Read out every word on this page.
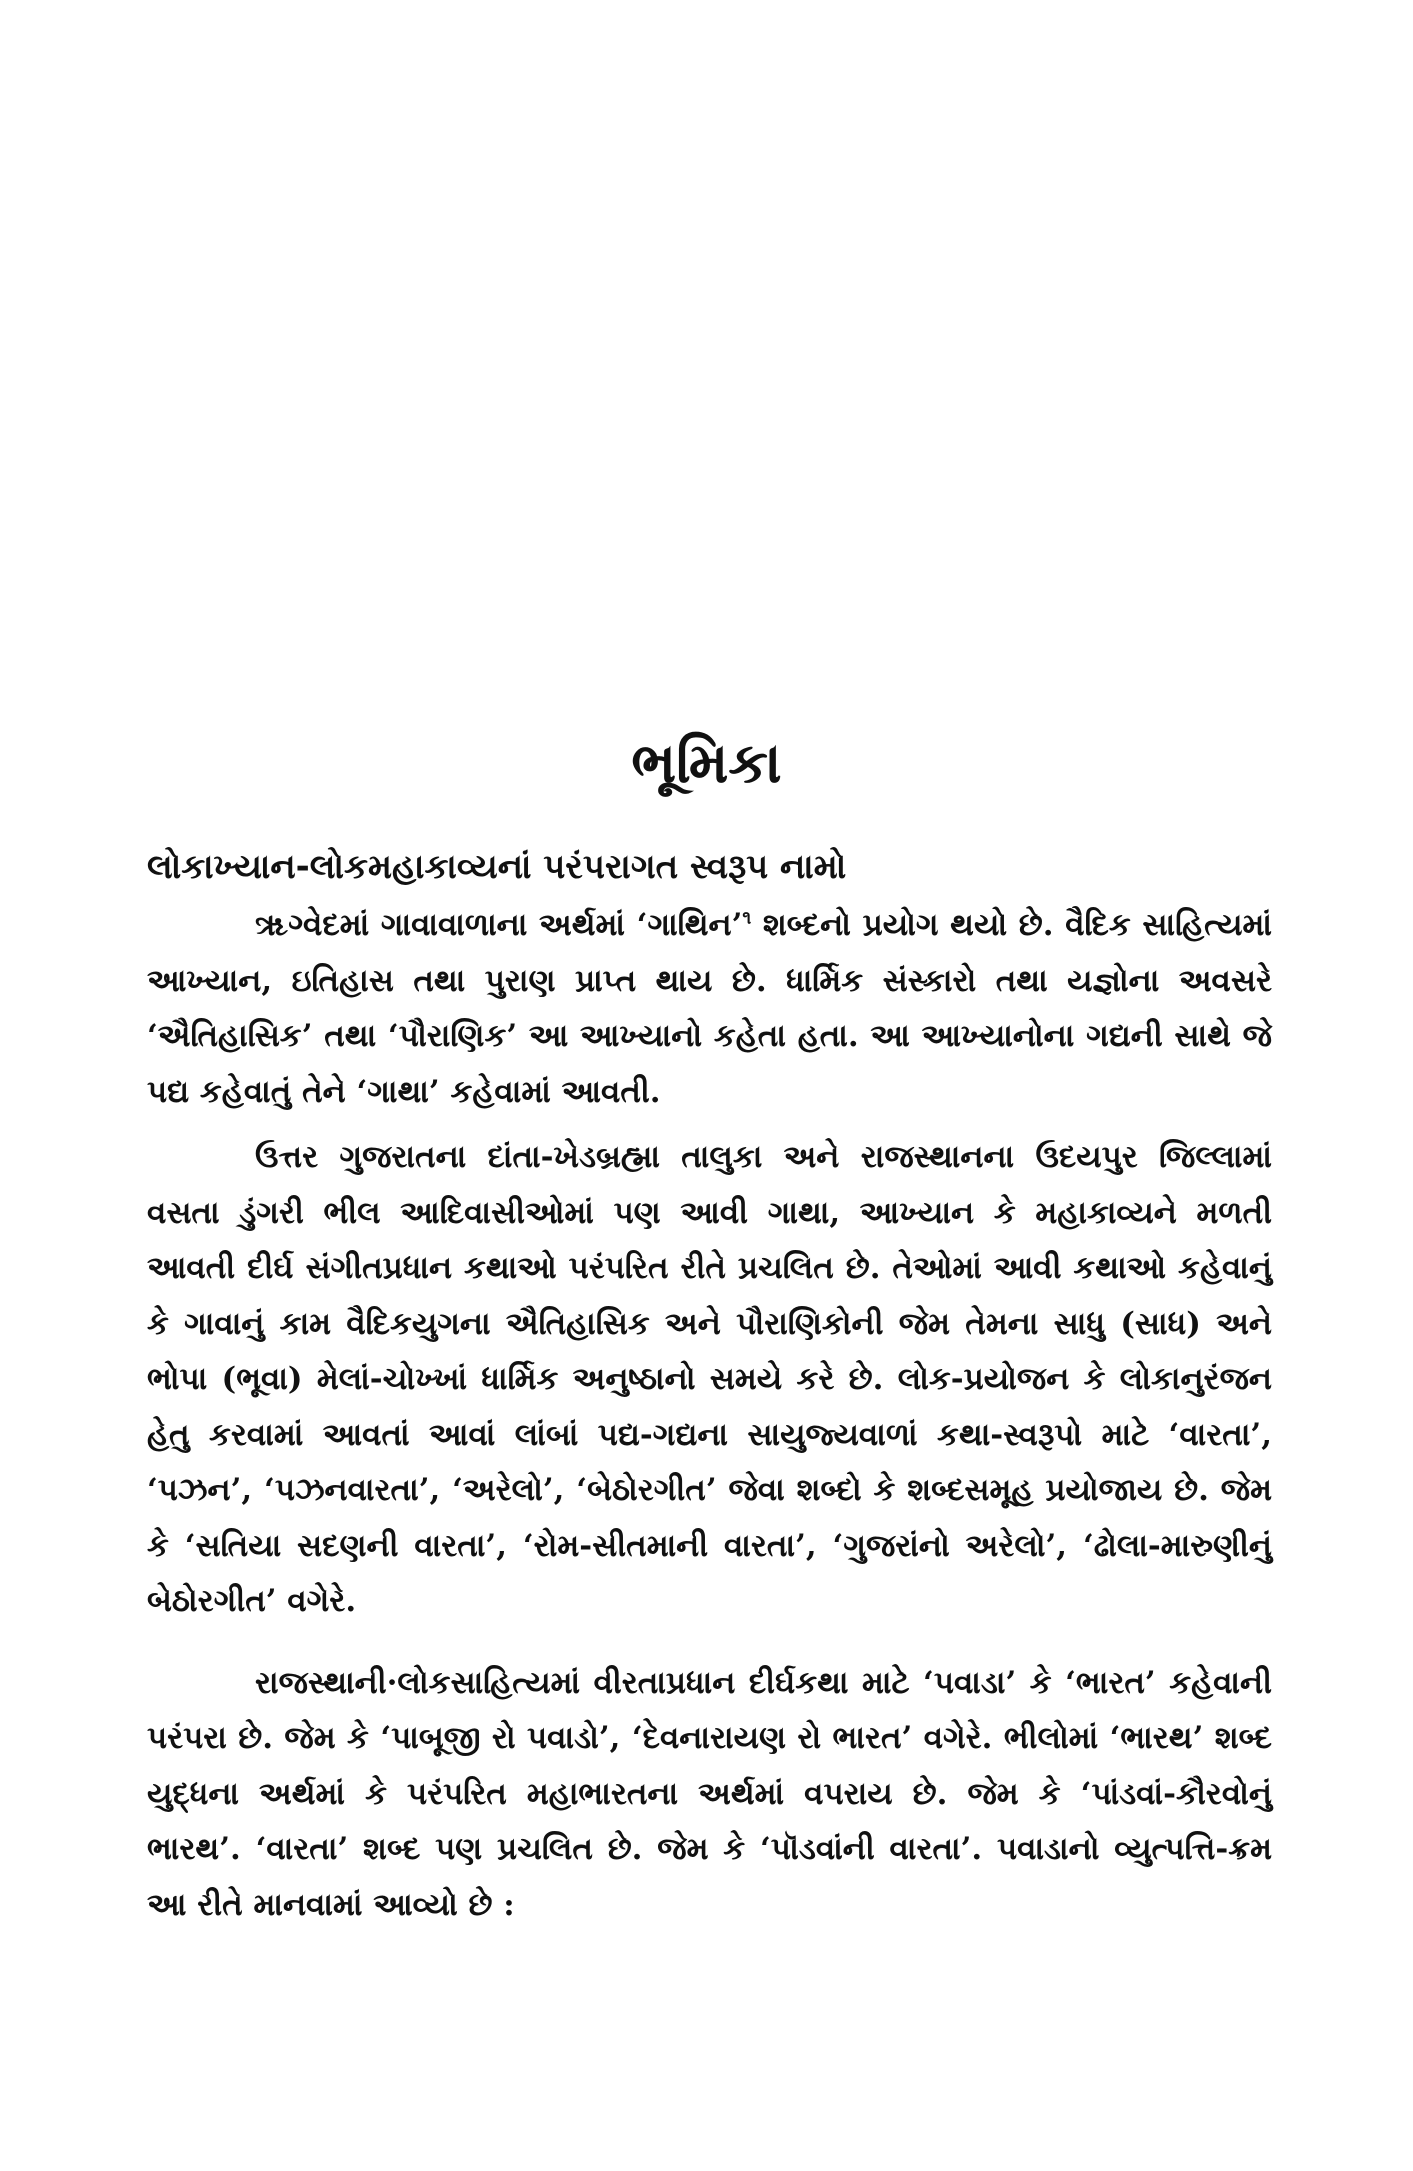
ભૂમિકા
લોકાખ્યાન-લોકમહાકાવ્યનાં પરંપરાગત સ્વરૂપ નામો

ૠગ્વેદમાં ગાવાવાળાના અર્થમાં ‘ગાથિન’$^૧$ શબ્દનો પ્રયોગ થયો છે. વૈદિક સાહિત્યમાં આખ્યાન, ઇતિહાસ તથા પુરાણ પ્રાપ્ત થાય છે. ધાર્મિક સંસ્કારો તથા યજ્ઞોના અવસરે ‘ઐતિહાસિક’ તથા ‘પૌરાણિક’ આ આખ્યાનો કહેતા હતા. આ આખ્યાનોના ગદ્યની સાથે જે પદ્ય કહેવાતું તેને ‘ગાથા’ કહેવામાં આવતી.

ઉત્તર ગુજરાતના દાંતા-ખેડબ્રહ્મા તાલુકા અને રાજસ્થાનના ઉદયપુર જિલ્લામાં વસતા ડુંગરી ભીલ આદિવાસીઓમાં પણ આવી ગાથા, આખ્યાન કે મહાકાવ્યને મળતી આવતી દીર્ઘ સંગીતપ્રધાન કથાઓ પરંપરિત રીતે પ્રચલિત છે. તેઓમાં આવી કથાઓ કહેવાનું કે ગાવાનું કામ વૈદિકયુગના ઐતિહાસિક અને પૌરાણિકોની જેમ તેમના સાધુ (સાધ) અને ભોપા (ભૂવા) મેલાં-ચોખ્ખાં ધાર્મિક અનુષ્ઠાનો સમયે કરે છે. લોક-પ્રયોજન કે લોકાનુરંજન હેતુ કરવામાં આવતાં આવાં લાંબાં પદ્ય-ગદ્યના સાયુજ્યવાળાં કથા-સ્વરૂપો માટે ‘વારતા’, ‘પઝન’, ‘પઝનવારતા’, ‘અરેલો’, ‘બેઠોરગીત’ જેવા શબ્દો કે શબ્દસમૂહ પ્રયોજાય છે. જેમ કે ‘સતિયા સદણની વારતા’, ‘રોમ-સીતમાની વારતા’, ‘ગુજરાંનો અરેલો’, ‘ઢોલા-મારુણીનું બેઠોરગીત’ વગેરે.

રાજસ્થાની·લોકસાહિત્યમાં વીરતાપ્રધાન દીર્ઘકથા માટે ‘પવાડા’ કે ‘ભારત’ કહેવાની પરંપરા છે. જેમ કે ‘પાબૂજી રો પવાડો’, ‘દેવનારાયણ રો ભારત’ વગેરે. ભીલોમાં ‘ભારથ’ શબ્દ યુદ્ધના અર્થમાં કે પરંપરિત મહાભારતના અર્થમાં વપરાય છે. જેમ કે ‘પાંડવાં-કૌરવોનું ભારથ’. ‘વારતા’ શબ્દ પણ પ્રચલિત છે. જેમ કે ‘પૉડવાંની વારતા’. પવાડાનો વ્યુત્પત્તિ-ક્રમ આ રીતે માનવામાં આવ્યો છે :
